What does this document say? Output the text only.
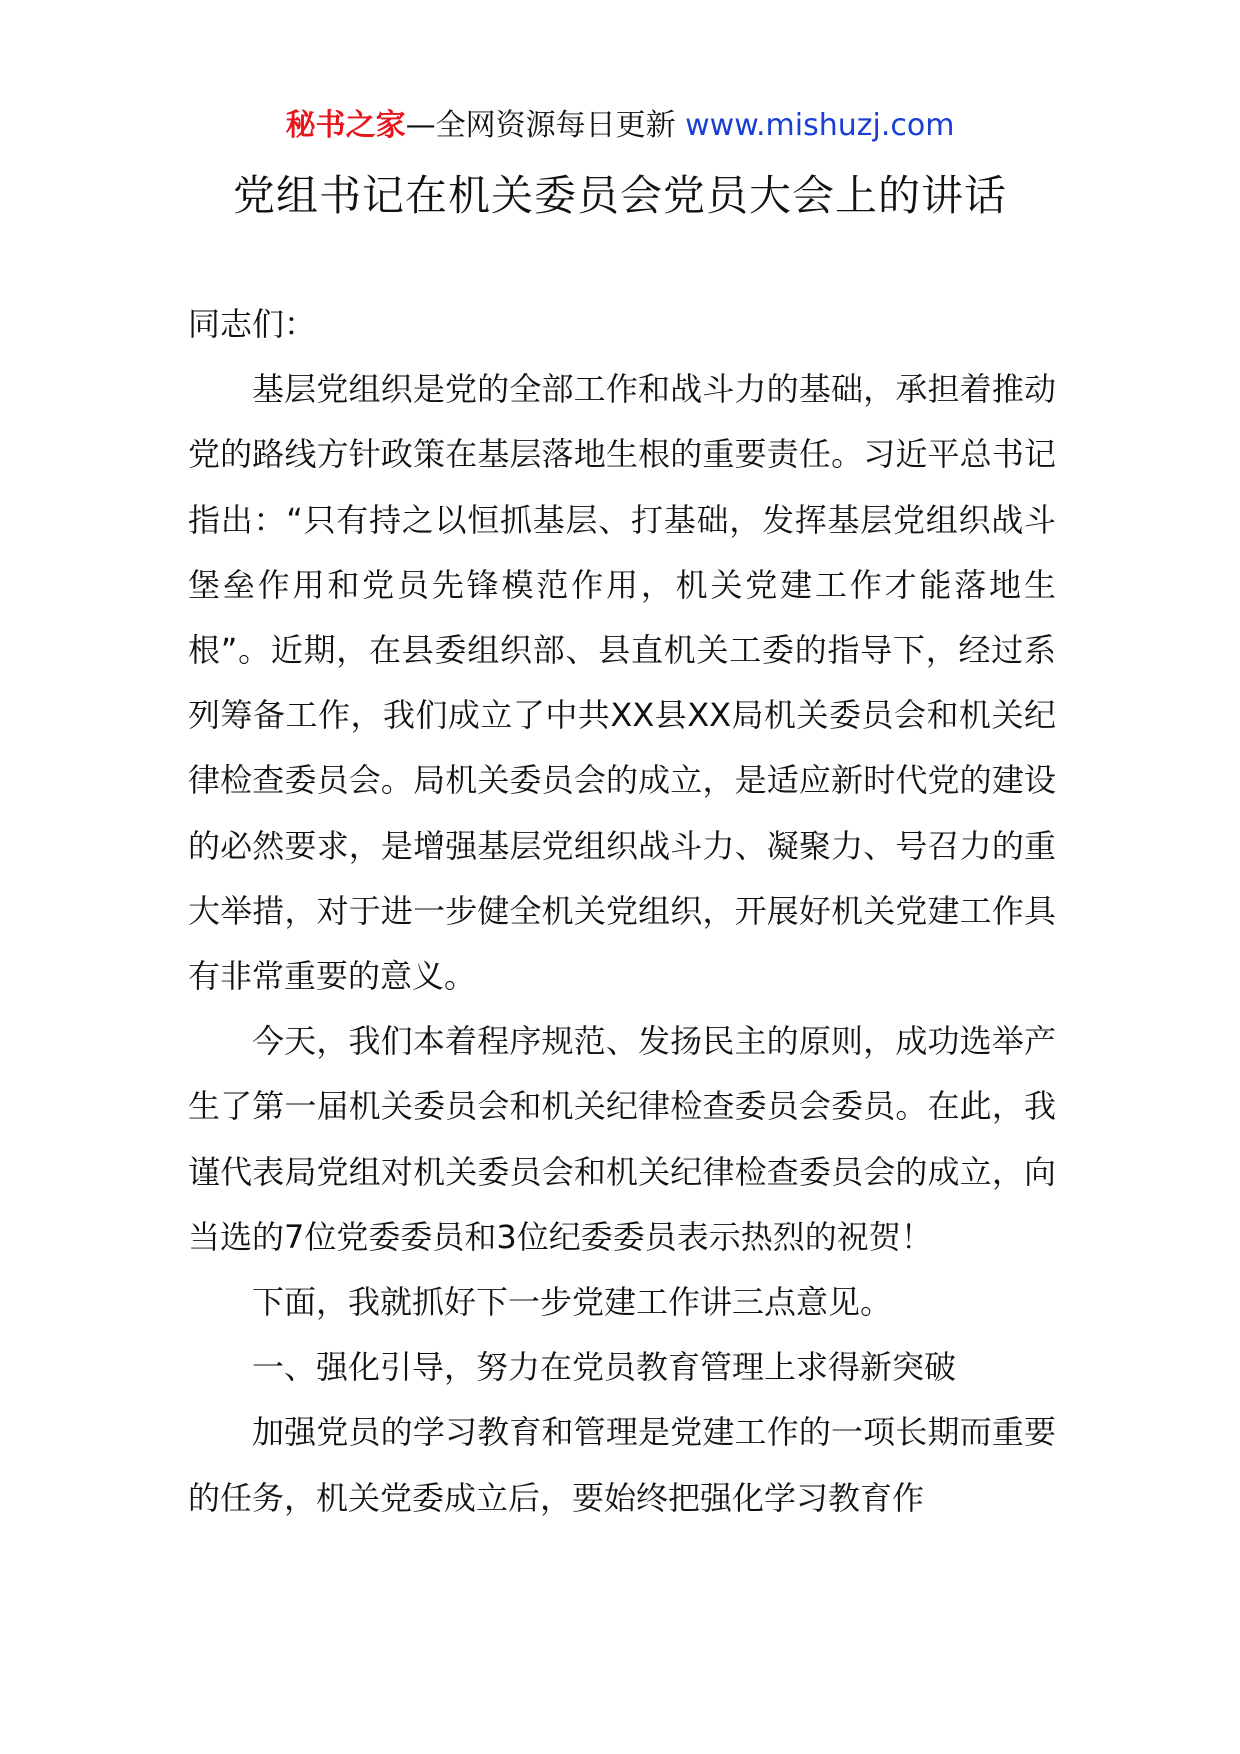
秘书之家—全网资源每日更新 www.mishuzj.com
党组书记在机关委员会党员大会上的讲话

同志们：

基层党组织是党的全部工作和战斗力的基础，承担着推动党的路线方针政策在基层落地生根的重要责任。习近平总书记指出：“只有持之以恒抓基层、打基础，发挥基层党组织战斗堡垒作用和党员先锋模范作用，机关党建工作才能落地生根”。近期，在县委组织部、县直机关工委的指导下，经过系列筹备工作，我们成立了中共XX县XX局机关委员会和机关纪律检查委员会。局机关委员会的成立，是适应新时代党的建设的必然要求，是增强基层党组织战斗力、凝聚力、号召力的重大举措，对于进一步健全机关党组织，开展好机关党建工作具有非常重要的意义。

今天，我们本着程序规范、发扬民主的原则，成功选举产生了第一届机关委员会和机关纪律检查委员会委员。在此，我谨代表局党组对机关委员会和机关纪律检查委员会的成立，向当选的7位党委委员和3位纪委委员表示热烈的祝贺！

下面，我就抓好下一步党建工作讲三点意见。

一、强化引导，努力在党员教育管理上求得新突破

加强党员的学习教育和管理是党建工作的一项长期而重要的任务，机关党委成立后，要始终把强化学习教育作
